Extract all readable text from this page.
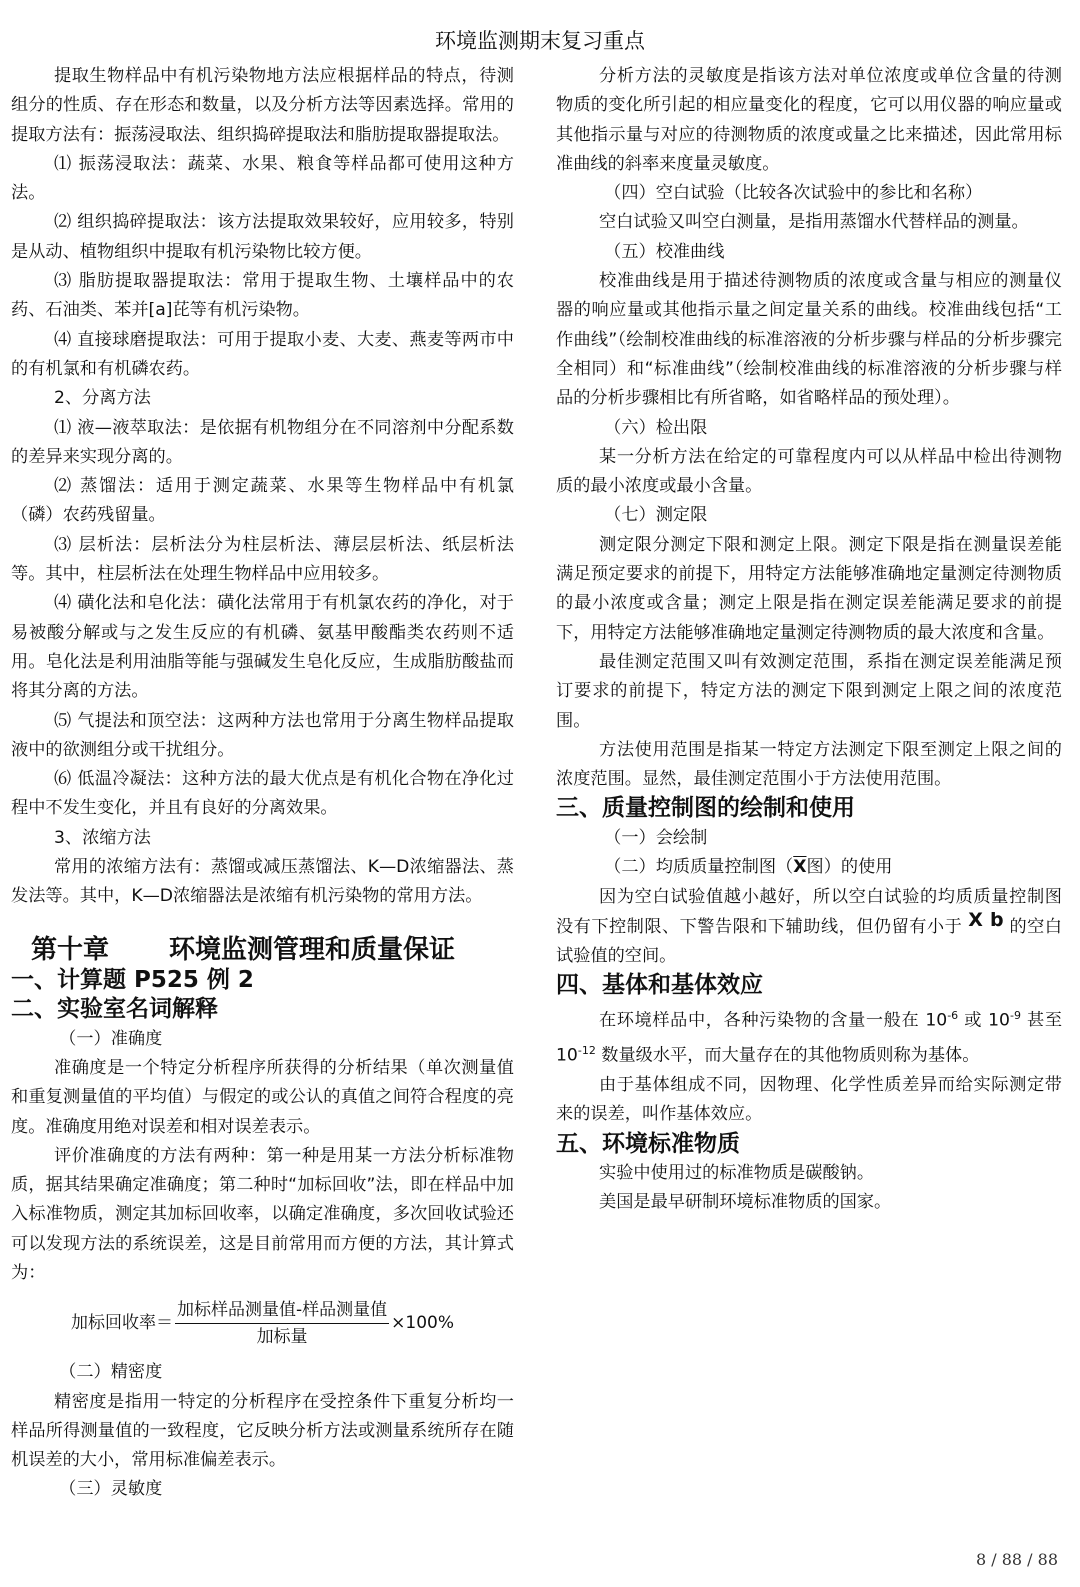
环境监测期末复习重点

提取生物样品中有机污染物地方法应根据样品的特点，待测组分的性质、存在形态和数量，以及分析方法等因素选择。常用的提取方法有：振荡浸取法、组织捣碎提取法和脂肪提取器提取法。

⑴ 振荡浸取法：蔬菜、水果、粮食等样品都可使用这种方法。

⑵ 组织捣碎提取法：该方法提取效果较好，应用较多，特别是从动、植物组织中提取有机污染物比较方便。

⑶ 脂肪提取器提取法：常用于提取生物、土壤样品中的农药、石油类、苯并[a]芘等有机污染物。

⑷ 直接球磨提取法：可用于提取小麦、大麦、燕麦等两市中的有机氯和有机磷农药。

2、分离方法

⑴ 液—液萃取法：是依据有机物组分在不同溶剂中分配系数的差异来实现分离的。

⑵ 蒸馏法：适用于测定蔬菜、水果等生物样品中有机氯（磷）农药残留量。

⑶ 层析法：层析法分为柱层析法、薄层层析法、纸层析法等。其中，柱层析法在处理生物样品中应用较多。

⑷ 磺化法和皂化法：磺化法常用于有机氯农药的净化，对于易被酸分解或与之发生反应的有机磷、氨基甲酸酯类农药则不适用。皂化法是利用油脂等能与强碱发生皂化反应，生成脂肪酸盐而将其分离的方法。

⑸ 气提法和顶空法：这两种方法也常用于分离生物样品提取液中的欲测组分或干扰组分。

⑹ 低温冷凝法：这种方法的最大优点是有机化合物在净化过程中不发生变化，并且有良好的分离效果。

3、浓缩方法

常用的浓缩方法有：蒸馏或减压蒸馏法、K—D浓缩器法、蒸发法等。其中，K—D浓缩器法是浓缩有机污染物的常用方法。

第十章 环境监测管理和质量保证

一、计算题 P525 例 2

二、实验室名词解释

（一）准确度

准确度是一个特定分析程序所获得的分析结果（单次测量值和重复测量值的平均值）与假定的或公认的真值之间符合程度的亮度。准确度用绝对误差和相对误差表示。

评价准确度的方法有两种：第一种是用某一方法分析标准物质，据其结果确定准确度；第二种时“加标回收”法，即在样品中加入标准物质，测定其加标回收率，以确定准确度，多次回收试验还可以发现方法的系统误差，这是目前常用而方便的方法，其计算式为：

加标回收率＝ $\frac{\text{加标样品测量值-样品测量值}}{\text{加标量}} \times 100\%$

（二）精密度

精密度是指用一特定的分析程序在受控条件下重复分析均一样品所得测量值的一致程度，它反映分析方法或测量系统所存在随机误差的大小，常用标准偏差表示。

（三）灵敏度

分析方法的灵敏度是指该方法对单位浓度或单位含量的待测物质的变化所引起的相应量变化的程度，它可以用仪器的响应量或其他指示量与对应的待测物质的浓度或量之比来描述，因此常用标准曲线的斜率来度量灵敏度。

（四）空白试验（比较各次试验中的参比和名称）

空白试验又叫空白测量，是指用蒸馏水代替样品的测量。

（五）校准曲线

校准曲线是用于描述待测物质的浓度或含量与相应的测量仪器的响应量或其他指示量之间定量关系的曲线。校准曲线包括“工作曲线”（绘制校准曲线的标准溶液的分析步骤与样品的分析步骤完全相同）和“标准曲线”（绘制校准曲线的标准溶液的分析步骤与样品的分析步骤相比有所省略，如省略样品的预处理）。

（六）检出限

某一分析方法在给定的可靠程度内可以从样品中检出待测物质的最小浓度或最小含量。

（七）测定限

测定限分测定下限和测定上限。测定下限是指在测量误差能满足预定要求的前提下，用特定方法能够准确地定量测定待测物质的最小浓度或含量；测定上限是指在测定误差能满足要求的前提下，用特定方法能够准确地定量测定待测物质的最大浓度和含量。

最佳测定范围又叫有效测定范围，系指在测定误差能满足预订要求的前提下，特定方法的测定下限到测定上限之间的浓度范围。

方法使用范围是指某一特定方法测定下限至测定上限之间的浓度范围。显然，最佳测定范围小于方法使用范围。

三、质量控制图的绘制和使用

（一）会绘制

（二）均质质量控制图（$\overline{X}$图）的使用

因为空白试验值越小越好，所以空白试验的均质质量控制图没有下控制限、下警告限和下辅助线，但仍留有小于 X b 的空白试验值的空间。

四、基体和基体效应

在环境样品中，各种污染物的含量一般在 $10^{-6}$ 或 $10^{-9}$ 甚至 $10^{-12}$ 数量级水平，而大量存在的其他物质则称为基体。

由于基体组成不同，因物理、化学性质差异而给实际测定带来的误差，叫作基体效应。

五、环境标准物质

实验中使用过的标准物质是碳酸钠。

美国是最早研制环境标准物质的国家。

8 / 88 / 88
